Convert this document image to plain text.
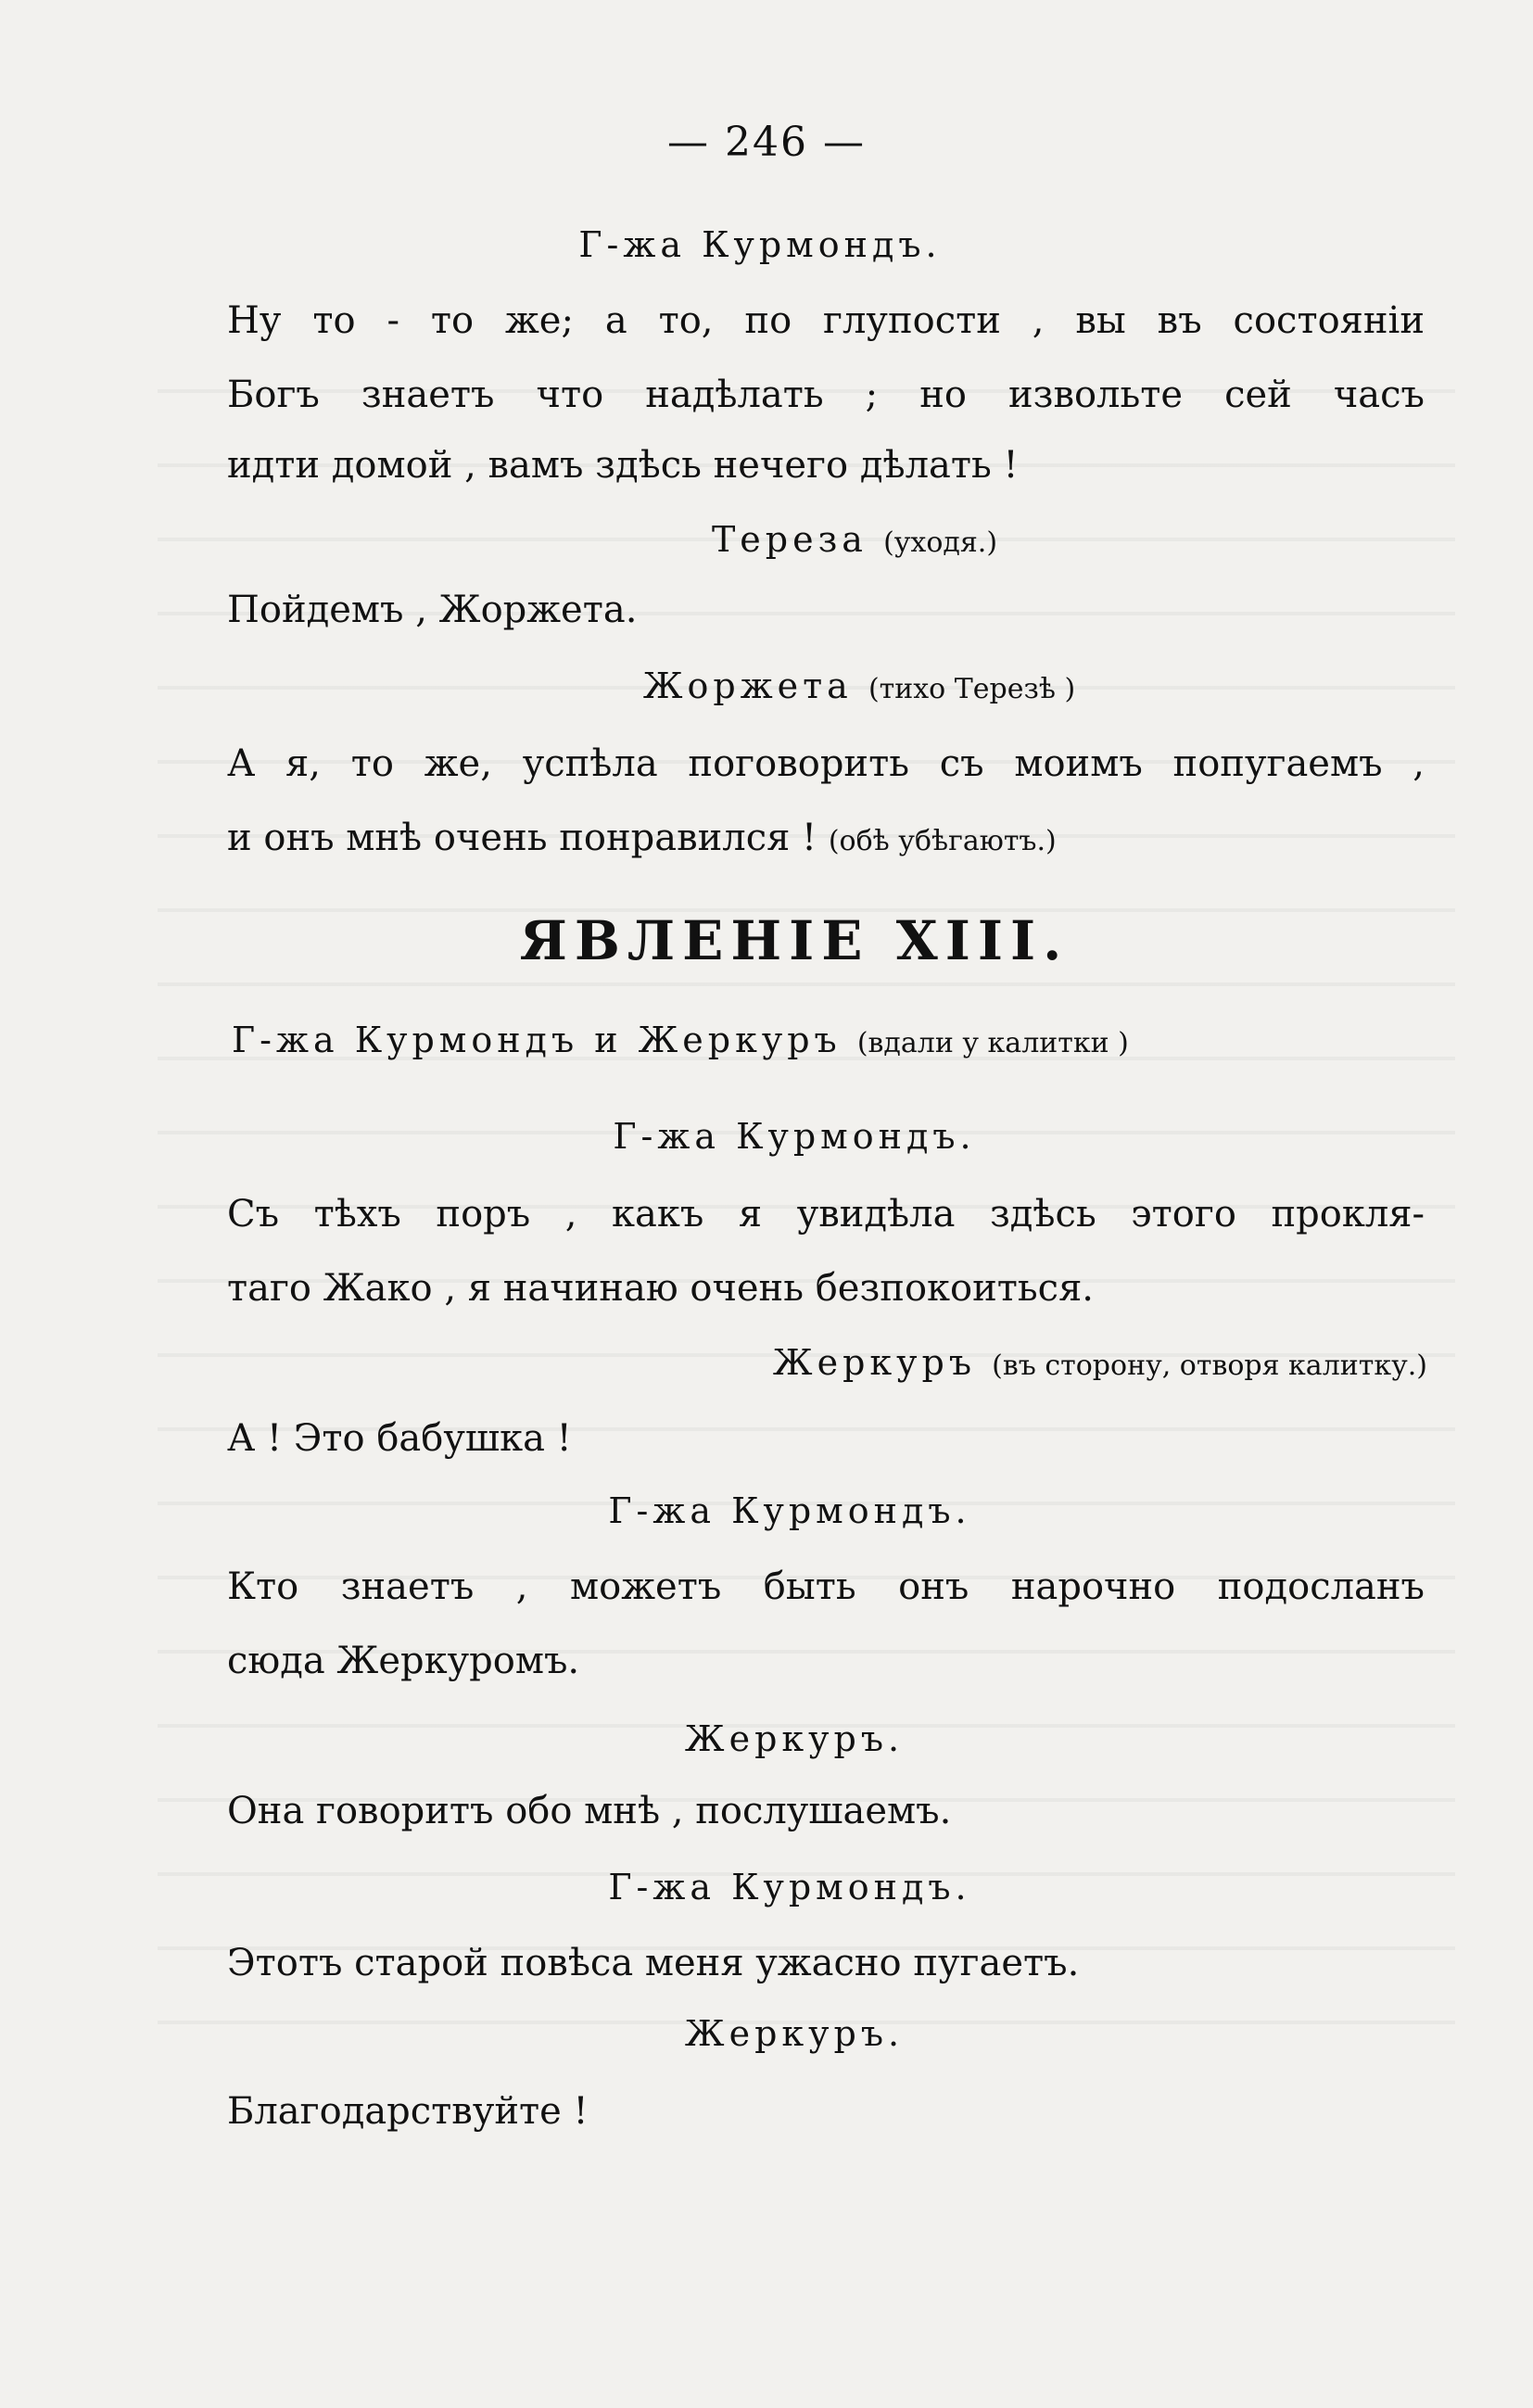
— 246 —
Г-жа Курмондъ.
Ну то - то же; а то, по глупости , вы въ состояніи
Богъ знаетъ что надѣлать ; но извольте сей часъ
идти домой , вамъ здѣсь нечего дѣлать !
Тереза (уходя.)
Пойдемъ , Жоржета.
Жоржета (тихо Терезѣ )
А я, то же, успѣла поговорить съ моимъ попугаемъ ,
и онъ мнѣ очень понравился ! (обѣ убѣгаютъ.)
ЯВЛЕНІЕ XIII.
Г-жа Курмондъ и Жеркуръ (вдали у калитки )
Г-жа Курмондъ.
Съ тѣхъ поръ , какъ я увидѣла здѣсь этого прокля-
таго Жако , я начинаю очень безпокоиться.
Жеркуръ (въ сторону, отворя калитку.)
А ! Это бабушка !
Г-жа Курмондъ.
Кто знаетъ , можетъ быть онъ нарочно подосланъ
сюда Жеркуромъ.
Жеркуръ.
Она говоритъ обо мнѣ , послушаемъ.
Г-жа Курмондъ.
Этотъ старой повѣса меня ужасно пугаетъ.
Жеркуръ.
Благодарствуйте !
